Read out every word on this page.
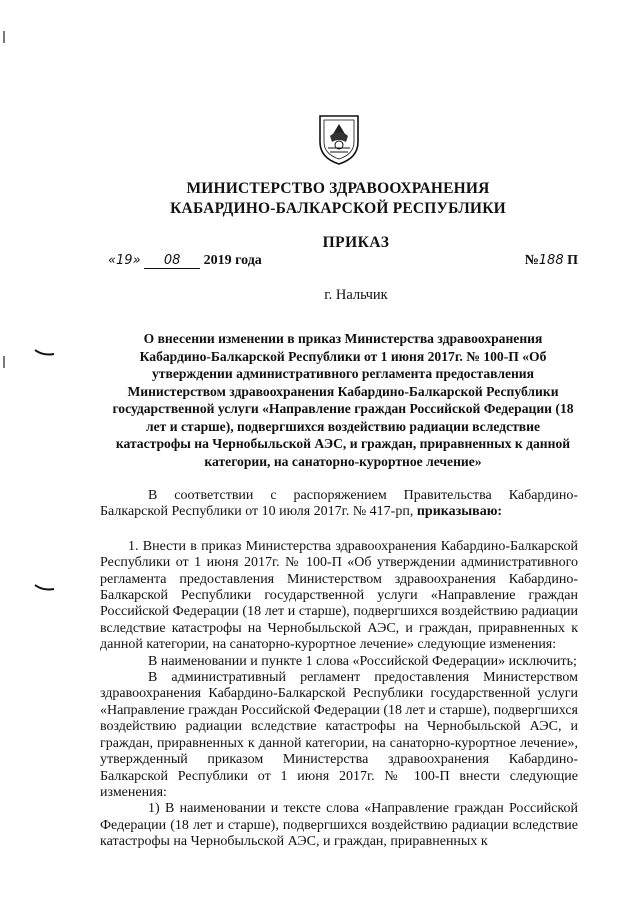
МИНИСТЕРСТВО ЗДРАВООХРАНЕНИЯ
КАБАРДИНО-БАЛКАРСКОЙ РЕСПУБЛИКИ
ПРИКАЗ
«19» 08 2019 года	№188 П
г. Нальчик
О внесении изменении в приказ Министерства здравоохранения Кабардино-Балкарской Республики от 1 июня 2017г. № 100-П «Об утверждении административного регламента предоставления Министерством здравоохранения Кабардино-Балкарской Республики государственной услуги «Направление граждан Российской Федерации (18 лет и старше), подвергшихся воздействию радиации вследствие катастрофы на Чернобыльской АЭС, и граждан, приравненных к данной категории, на санаторно-курортное лечение»

В соответствии с распоряжением Правительства Кабардино-Балкарской Республики от 10 июля 2017г. № 417-рп, приказываю:

1. Внести в приказ Министерства здравоохранения Кабардино-Балкарской Республики от 1 июня 2017г. № 100-П «Об утверждении административного регламента предоставления Министерством здравоохранения Кабардино-Балкарской Республики государственной услуги «Направление граждан Российской Федерации (18 лет и старше), подвергшихся воздействию радиации вследствие катастрофы на Чернобыльской АЭС, и граждан, приравненных к данной категории, на санаторно-курортное лечение» следующие изменения:

В наименовании и пункте 1 слова «Российской Федерации» исключить;

В административный регламент предоставления Министерством здравоохранения Кабардино-Балкарской Республики государственной услуги «Направление граждан Российской Федерации (18 лет и старше), подвергшихся воздействию радиации вследствие катастрофы на Чернобыльской АЭС, и граждан, приравненных к данной категории, на санаторно-курортное лечение», утвержденный приказом Министерства здравоохранения Кабардино-Балкарской Республики от 1 июня 2017г. № 100-П внести следующие изменения:

1) В наименовании и тексте слова «Направление граждан Российской Федерации (18 лет и старше), подвергшихся воздействию радиации вследствие катастрофы на Чернобыльской АЭС, и граждан, приравненных к
